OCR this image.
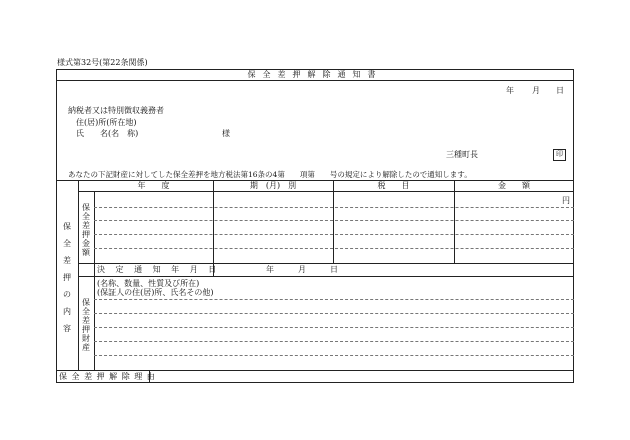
様式第32号(第22条関係)
保全差押解除通知書
年 月 日
納税者又は特別徴収義務者
住(居)所(所在地)
氏　　名(名　称)	様
三種町長	印
あなたの下記財産に対してした保全差押を地方税法第16条の4第　　項第　　号の規定により解除したので通知します。
保全差押の内容
保全差押金額
年　　度	期　(月)　別	税　　目	金　　額
円
決 定 通 知 年 月 日	年　　　月　　　日
保全差押財産
(名称、数量、性質及び所在)
(保証人の住(居)所、氏名その他)
保 全 差 押 解 除 理 由
